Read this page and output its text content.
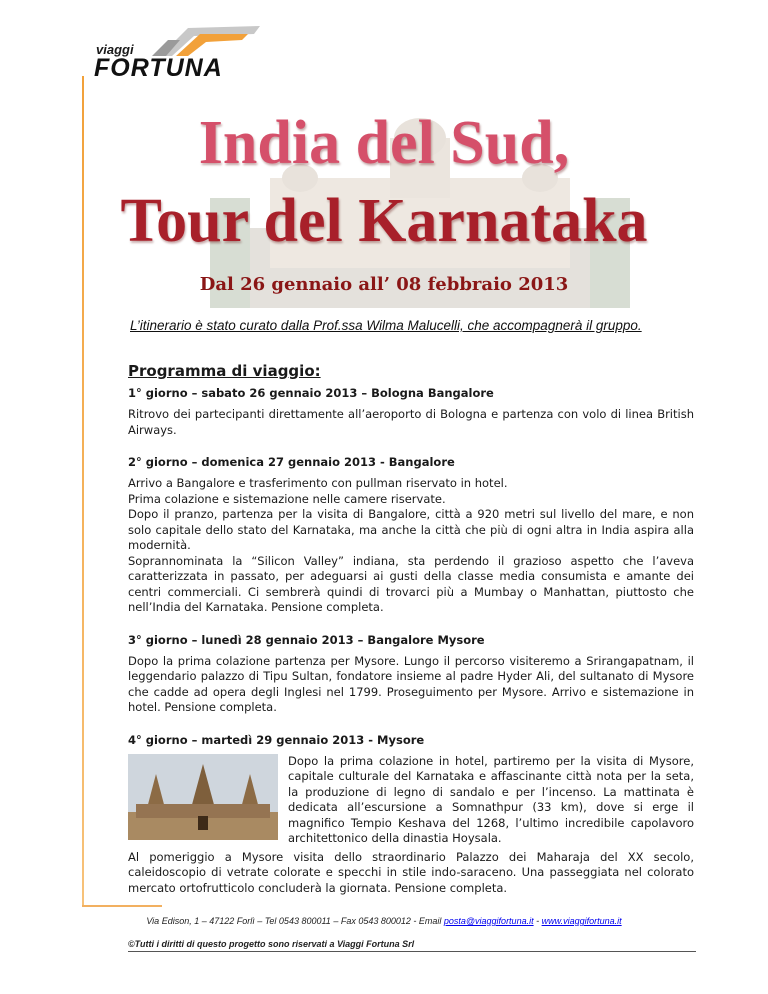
viaggi
FORTUNA
India del Sud,
Tour del Karnataka
Dal 26 gennaio all’ 08 febbraio 2013
L’itinerario è stato curato dalla Prof.ssa Wilma Malucelli, che accompagnerà il gruppo.
Programma di viaggio:
1° giorno – sabato 26 gennaio 2013 – Bologna Bangalore
Ritrovo dei partecipanti direttamente all’aeroporto di Bologna e partenza con volo di linea British Airways.
2° giorno – domenica 27 gennaio 2013 - Bangalore
Arrivo a Bangalore e trasferimento con pullman riservato in hotel.
Prima colazione e sistemazione nelle camere riservate.
Dopo il pranzo, partenza per la visita di Bangalore, città a 920 metri sul livello del mare, e non solo capitale dello stato del Karnataka, ma anche la città che più di ogni altra in India aspira alla modernità.
Soprannominata la “Silicon Valley” indiana, sta perdendo il grazioso aspetto che l’aveva caratterizzata in passato, per adeguarsi ai gusti della classe media consumista e amante dei centri commerciali. Ci sembrerà quindi di trovarci più a Mumbay o Manhattan, piuttosto che nell’India del Karnataka. Pensione completa.
3° giorno – lunedì 28 gennaio 2013 – Bangalore Mysore
Dopo la prima colazione partenza per Mysore. Lungo il percorso visiteremo a Srirangapatnam, il leggendario palazzo di Tipu Sultan, fondatore insieme al padre Hyder Ali, del sultanato di Mysore che cadde ad opera degli Inglesi nel 1799. Proseguimento per Mysore. Arrivo e sistemazione in hotel. Pensione completa.
4° giorno – martedì 29 gennaio 2013 - Mysore
Dopo la prima colazione in hotel, partiremo per la visita di Mysore, capitale culturale del Karnataka e affascinante città nota per la seta, la produzione di legno di sandalo e per l’incenso. La mattinata è dedicata all’escursione a Somnathpur (33 km), dove si erge il magnifico Tempio Keshava del 1268, l’ultimo incredibile capolavoro architettonico della dinastia Hoysala.
Al pomeriggio a Mysore visita dello straordinario Palazzo dei Maharaja del XX secolo, caleidoscopio di vetrate colorate e specchi in stile indo-saraceno. Una passeggiata nel colorato mercato ortofrutticolo concluderà la giornata. Pensione completa.
Via Edison, 1 – 47122 Forlì – Tel 0543 800011 – Fax 0543 800012 - Email posta@viaggifortuna.it - www.viaggifortuna.it
©Tutti i diritti di questo progetto sono riservati a Viaggi Fortuna Srl
